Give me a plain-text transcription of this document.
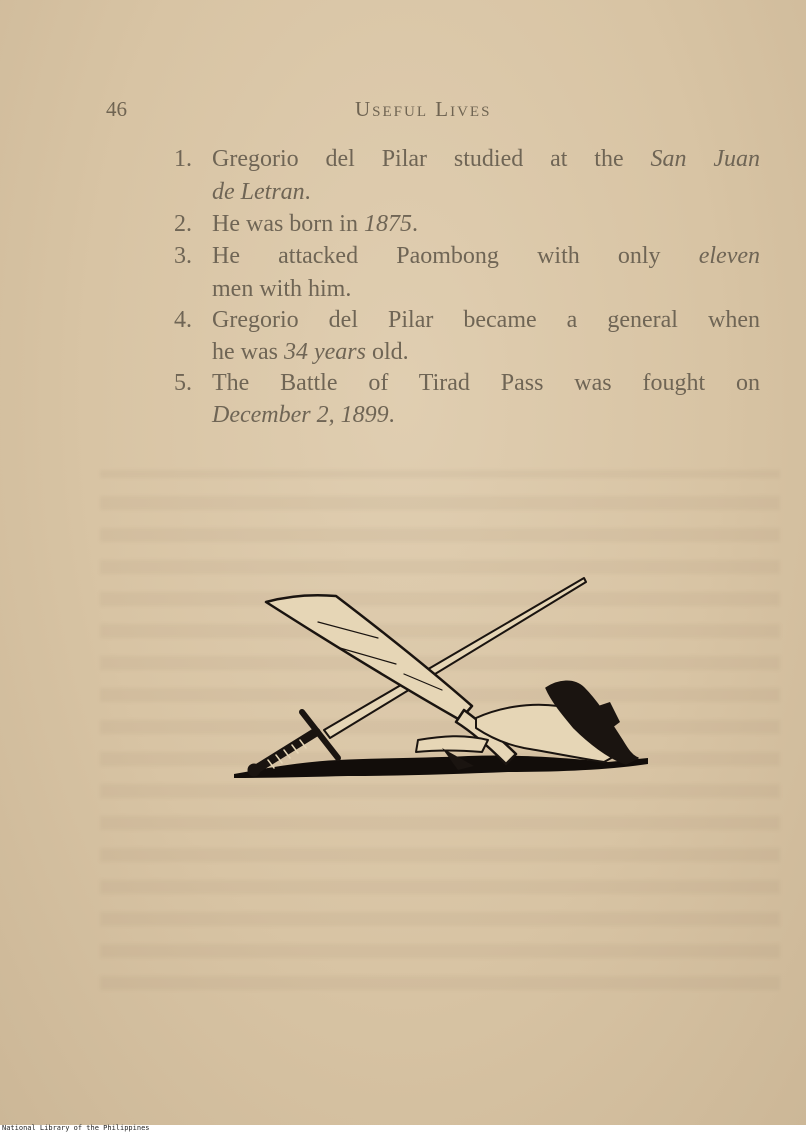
46	Useful Lives
1. Gregorio del Pilar studied at the San Juan
de Letran.
2. He was born in 1875.
3. He attacked Paombong with only eleven
men with him.
4. Gregorio del Pilar became a general when
he was 34 years old.
5. The Battle of Tirad Pass was fought on
December 2, 1899.
National Library of the Philippines
